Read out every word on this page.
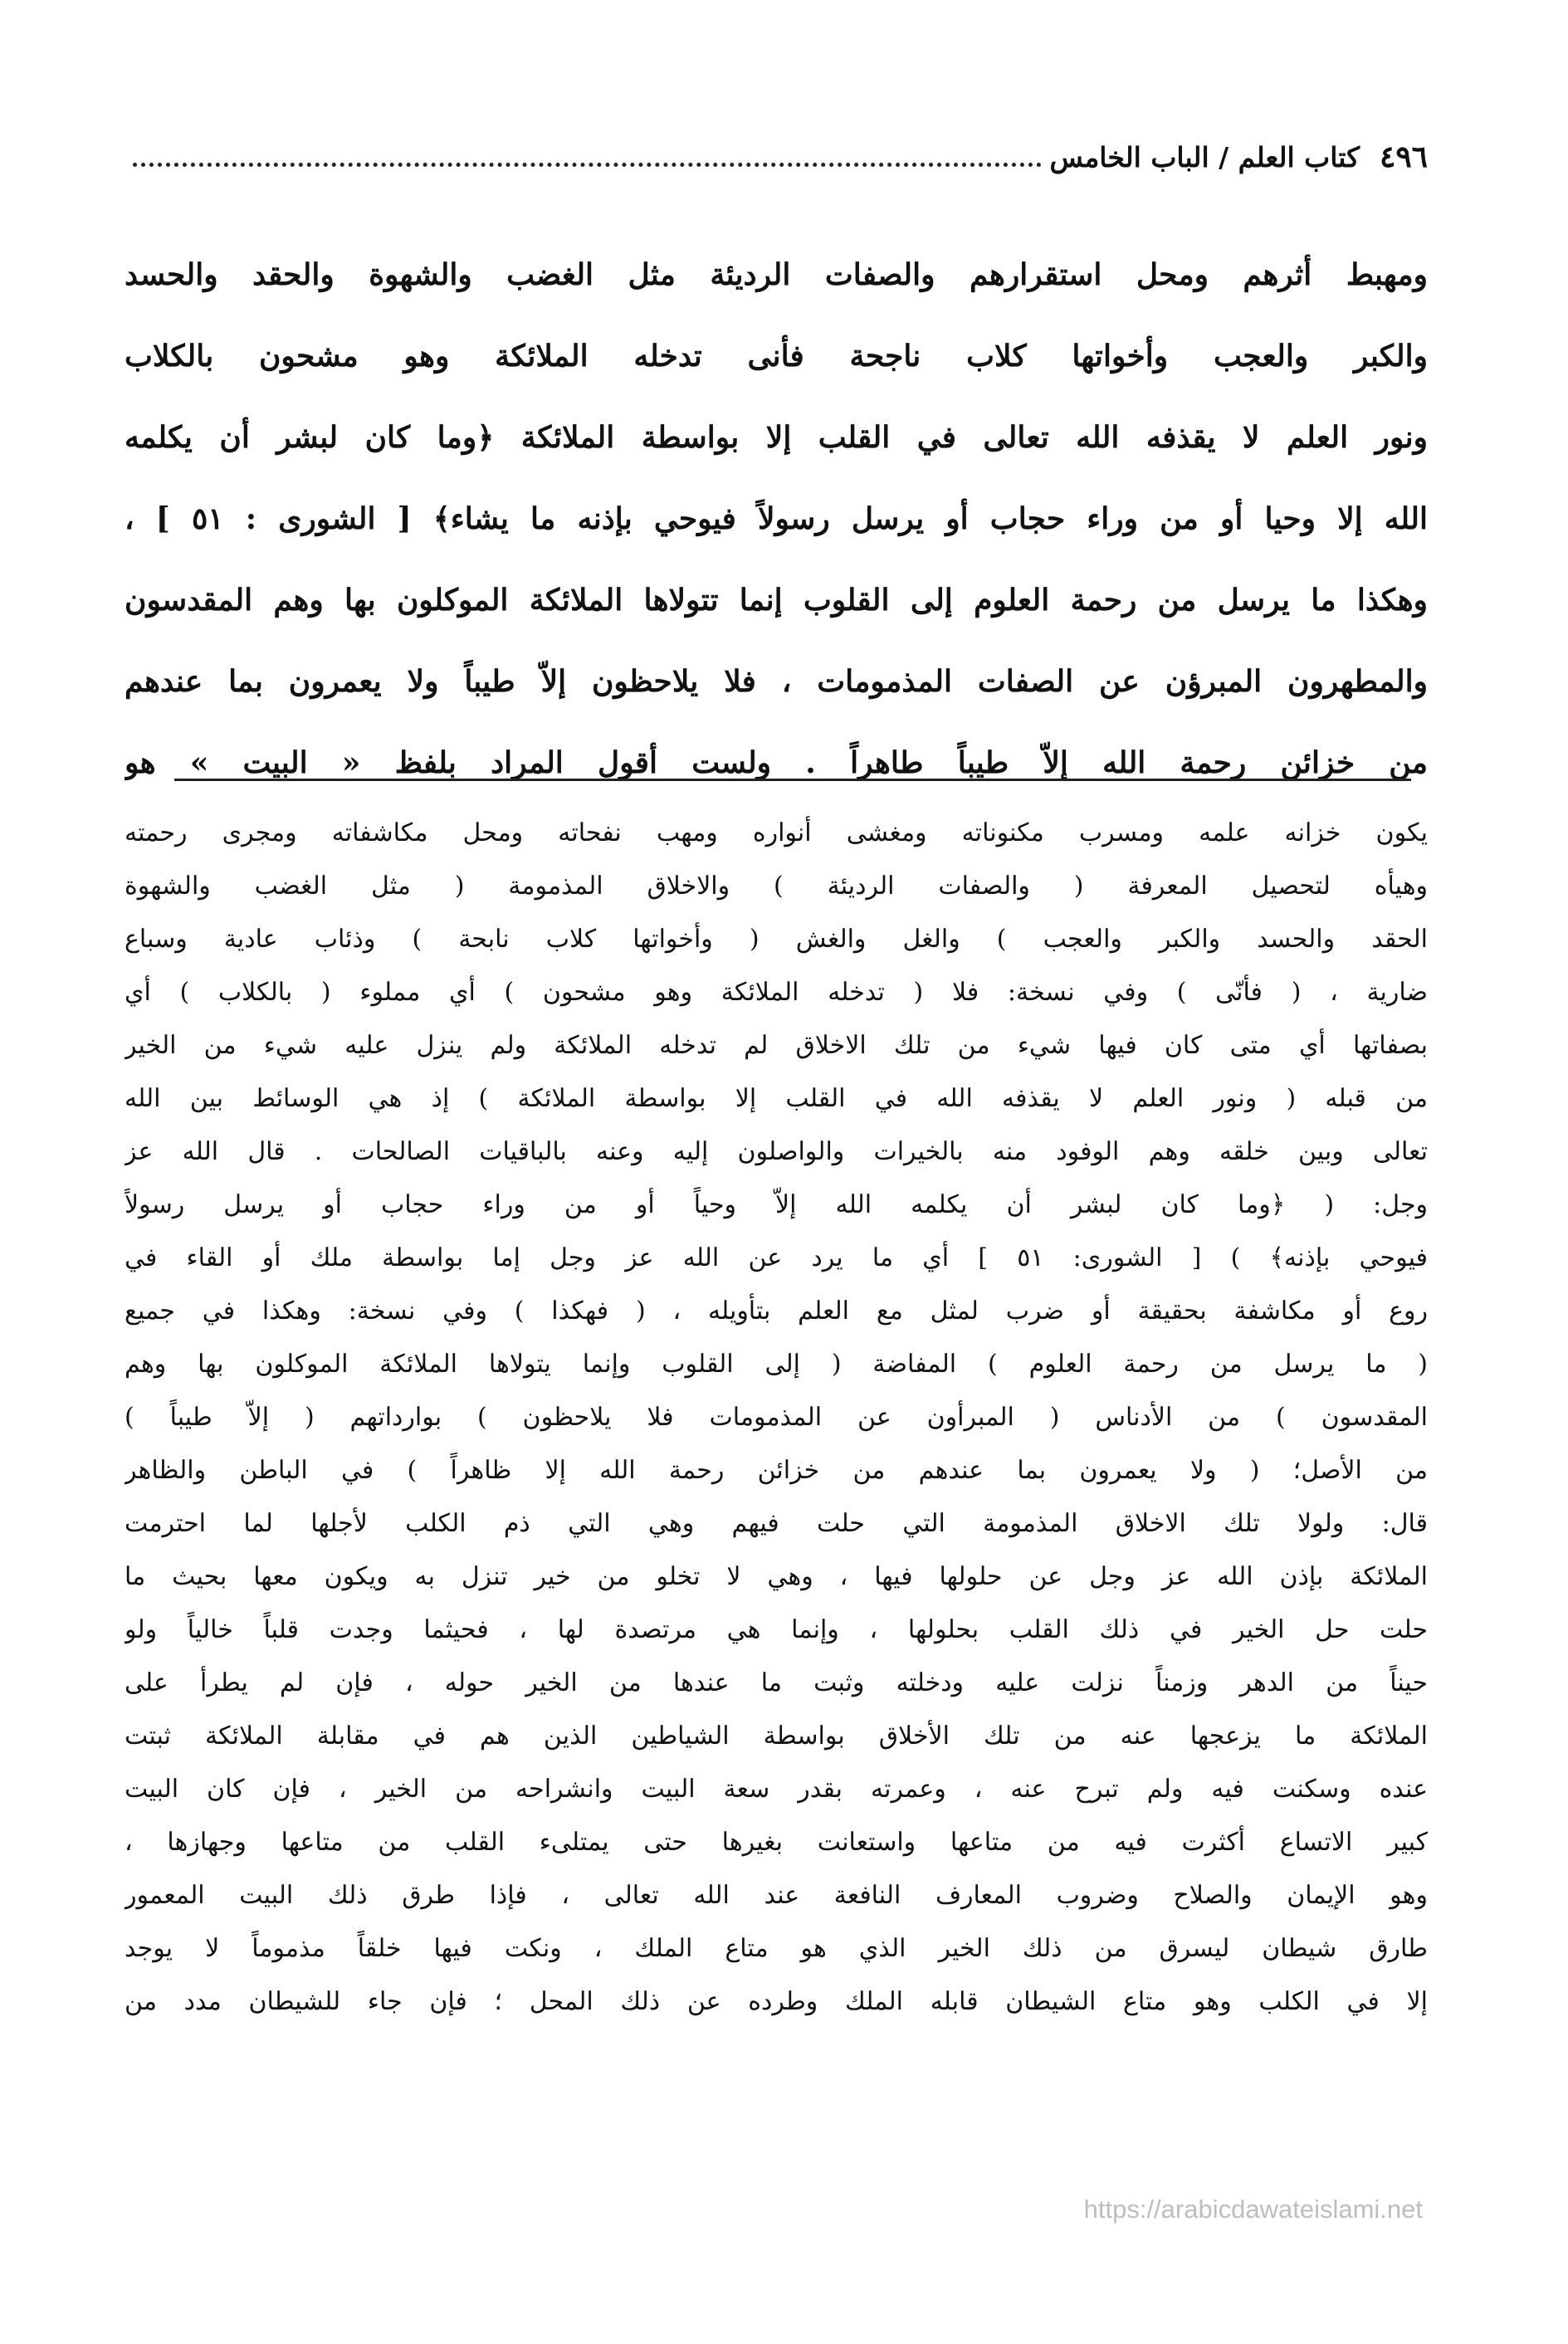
٤٩٦
كتاب العلم / الباب الخامس

ومهبط أثرهم ومحل استقرارهم والصفات الرديئة مثل الغضب والشهوة والحقد والحسد

والكبر والعجب وأخواتها كلاب ناجحة فأنى تدخله الملائكة وهو مشحون بالكلاب

ونور العلم لا يقذفه الله تعالى في القلب إلا بواسطة الملائكة ﴿وما كان لبشر أن يكلمه

الله إلا وحيا أو من وراء حجاب أو يرسل رسولاً فيوحي بإذنه ما يشاء﴾ [ الشورى : ٥١ ] ،

وهكذا ما يرسل من رحمة العلوم إلى القلوب إنما تتولاها الملائكة الموكلون بها وهم المقدسون

والمطهرون المبرؤن عن الصفات المذمومات ، فلا يلاحظون إلاّ طيباً ولا يعمرون بما عندهم

من خزائن رحمة الله إلاّ طيباً طاهراً . ولست أقول المراد بلفظ « البيت » هو

يكون خزانه علمه ومسرب مكنوناته ومغشى أنواره ومهب نفحاته ومحل مكاشفاته ومجرى رحمته

وهيأه لتحصيل المعرفة ( والصفات الرديئة ) والاخلاق المذمومة ( مثل الغضب والشهوة

الحقد والحسد والكبر والعجب ) والغل والغش ( وأخواتها كلاب نابحة ) وذئاب عادية وسباع

ضارية ، ( فأنّى ) وفي نسخة: فلا ( تدخله الملائكة وهو مشحون ) أي مملوء ( بالكلاب ) أي

بصفاتها أي متى كان فيها شيء من تلك الاخلاق لم تدخله الملائكة ولم ينزل عليه شيء من الخير

من قبله ( ونور العلم لا يقذفه الله في القلب إلا بواسطة الملائكة ) إذ هي الوسائط بين الله

تعالى وبين خلقه وهم الوفود منه بالخيرات والواصلون إليه وعنه بالباقيات الصالحات . قال الله عز

وجل: ( ﴿وما كان لبشر أن يكلمه الله إلاّ وحياً أو من وراء حجاب أو يرسل رسولاً

فيوحي بإذنه﴾ ) [ الشورى: ٥١ ] أي ما يرد عن الله عز وجل إما بواسطة ملك أو القاء في

روع أو مكاشفة بحقيقة أو ضرب لمثل مع العلم بتأويله ، ( فهكذا ) وفي نسخة: وهكذا في جميع

( ما يرسل من رحمة العلوم ) المفاضة ( إلى القلوب وإنما يتولاها الملائكة الموكلون بها وهم

المقدسون ) من الأدناس ( المبرأون عن المذمومات فلا يلاحظون ) بوارداتهم ( إلاّ طيباً )

من الأصل؛ ( ولا يعمرون بما عندهم من خزائن رحمة الله إلا ظاهراً ) في الباطن والظاهر

قال: ولولا تلك الاخلاق المذمومة التي حلت فيهم وهي التي ذم الكلب لأجلها لما احترمت

الملائكة بإذن الله عز وجل عن حلولها فيها ، وهي لا تخلو من خير تنزل به ويكون معها بحيث ما

حلت حل الخير في ذلك القلب بحلولها ، وإنما هي مرتصدة لها ، فحيثما وجدت قلباً خالياً ولو

حيناً من الدهر وزمناً نزلت عليه ودخلته وثبت ما عندها من الخير حوله ، فإن لم يطرأ على

الملائكة ما يزعجها عنه من تلك الأخلاق بواسطة الشياطين الذين هم في مقابلة الملائكة ثبتت

عنده وسكنت فيه ولم تبرح عنه ، وعمرته بقدر سعة البيت وانشراحه من الخير ، فإن كان البيت

كبير الاتساع أكثرت فيه من متاعها واستعانت بغيرها حتى يمتلىء القلب من متاعها وجهازها ،

وهو الإيمان والصلاح وضروب المعارف النافعة عند الله تعالى ، فإذا طرق ذلك البيت المعمور

طارق شيطان ليسرق من ذلك الخير الذي هو متاع الملك ، ونكت فيها خلقاً مذموماً لا يوجد

إلا في الكلب وهو متاع الشيطان قابله الملك وطرده عن ذلك المحل ؛ فإن جاء للشيطان مدد من

https://arabicdawateislami.net
